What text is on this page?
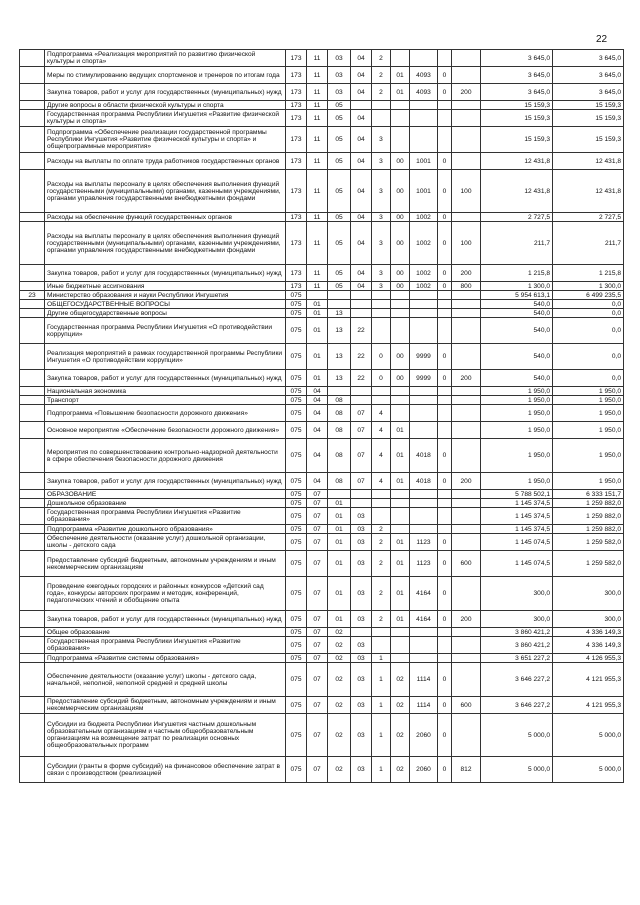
22
	Подпрограмма «Реализация мероприятий по развитию физической культуры и спорта»	173	11	03	04	2					3 645,0	3 645,0
	Меры по стимулированию ведущих спортсменов и тренеров по итогам года	173	11	03	04	2	01	4093	0		3 645,0	3 645,0
	Закупка товаров, работ и услуг для государственных (муниципальных) нужд	173	11	03	04	2	01	4093	0	200	3 645,0	3 645,0
	Другие вопросы в области физической культуры и спорта	173	11	05							15 159,3	15 159,3
	Государственная программа Республики Ингушетия «Развитие физической культуры и спорта»	173	11	05	04						15 159,3	15 159,3
	Подпрограмма «Обеспечение реализации государственной программы Республики Ингушетия «Развитие физической культуры и спорта» и общепрограммные мероприятия»	173	11	05	04	3					15 159,3	15 159,3
	Расходы на выплаты по оплате труда работников государственных органов	173	11	05	04	3	00	1001	0		12 431,8	12 431,8
	Расходы на выплаты персоналу в целях обеспечения выполнения функций государственными (муниципальными) органами, казенными учреждениями, органами управления государственными внебюджетными фондами	173	11	05	04	3	00	1001	0	100	12 431,8	12 431,8
	Расходы на обеспечение функций государственных органов	173	11	05	04	3	00	1002	0		2 727,5	2 727,5
	Расходы на выплаты персоналу в целях обеспечения выполнения функций государственными (муниципальными) органами, казенными учреждениями, органами управления государственными внебюджетными фондами	173	11	05	04	3	00	1002	0	100	211,7	211,7
	Закупка товаров, работ и услуг для государственных (муниципальных) нужд	173	11	05	04	3	00	1002	0	200	1 215,8	1 215,8
	Иные бюджетные ассигнования	173	11	05	04	3	00	1002	0	800	1 300,0	1 300,0
23	Министерство образования и науки Республики Ингушетия	075									5 954 613,1	6 499 235,5
	ОБЩЕГОСУДАРСТВЕННЫЕ ВОПРОСЫ	075	01								540,0	0,0
	Другие общегосударственные вопросы	075	01	13							540,0	0,0
	Государственная программа Республики Ингушетия «О противодействии коррупции»	075	01	13	22						540,0	0,0
	Реализация мероприятий в рамках государственной программы Республики Ингушетия «О противодействии коррупции»	075	01	13	22	0	00	9999	0		540,0	0,0
	Закупка товаров, работ и услуг для государственных (муниципальных) нужд	075	01	13	22	0	00	9999	0	200	540,0	0,0
	Национальная экономика	075	04								1 950,0	1 950,0
	Транспорт	075	04	08							1 950,0	1 950,0
	Подпрограмма «Повышение безопасности дорожного движения»	075	04	08	07	4					1 950,0	1 950,0
	Основное мероприятие «Обеспечение безопасности дорожного движения»	075	04	08	07	4	01				1 950,0	1 950,0
	Мероприятия по совершенствованию контрольно-надзорной деятельности в сфере обеспечения безопасности дорожного движения	075	04	08	07	4	01	4018	0		1 950,0	1 950,0
	Закупка товаров, работ и услуг для государственных (муниципальных) нужд	075	04	08	07	4	01	4018	0	200	1 950,0	1 950,0
	ОБРАЗОВАНИЕ	075	07								5 788 502,1	6 333 151,7
	Дошкольное образование	075	07	01							1 145 374,5	1 259 882,0
	Государственная программа Республики Ингушетия «Развитие образования»	075	07	01	03						1 145 374,5	1 259 882,0
	Подпрограмма «Развитие дошкольного образования»	075	07	01	03	2					1 145 374,5	1 259 882,0
	Обеспечение деятельности (оказание услуг) дошкольной организации, школы - детского сада	075	07	01	03	2	01	1123	0		1 145 074,5	1 259 582,0
	Предоставление субсидий бюджетным, автономным учреждениям и иным некоммерческим организациям	075	07	01	03	2	01	1123	0	600	1 145 074,5	1 259 582,0
	Проведение ежегодных городских и районных конкурсов «Детский сад года», конкурсы авторских программ и методик, конференций, педагогических чтений и обобщение опыта	075	07	01	03	2	01	4164	0		300,0	300,0
	Закупка товаров, работ и услуг для государственных (муниципальных) нужд	075	07	01	03	2	01	4164	0	200	300,0	300,0
	Общее образование	075	07	02							3 860 421,2	4 336 149,3
	Государственная программа Республики Ингушетия «Развитие образования»	075	07	02	03						3 860 421,2	4 336 149,3
	Подпрограмма «Развитие системы образования»	075	07	02	03	1					3 651 227,2	4 126 955,3
	Обеспечение деятельности (оказание услуг) школы - детского сада, начальной, неполной, неполной средней и средней школы	075	07	02	03	1	02	1114	0		3 646 227,2	4 121 955,3
	Предоставление субсидий бюджетным, автономным учреждениям и иным некоммерческим организациям	075	07	02	03	1	02	1114	0	600	3 646 227,2	4 121 955,3
	Субсидии из бюджета Республики Ингушетия частным дошкольным образовательным организациям и частным общеобразовательным организациям на возмещение затрат по реализации основных общеобразовательных программ	075	07	02	03	1	02	2060	0		5 000,0	5 000,0
	Субсидии (гранты в форме субсидий) на финансовое обеспечение затрат в связи с производством (реализацией	075	07	02	03	1	02	2060	0	812	5 000,0	5 000,0
